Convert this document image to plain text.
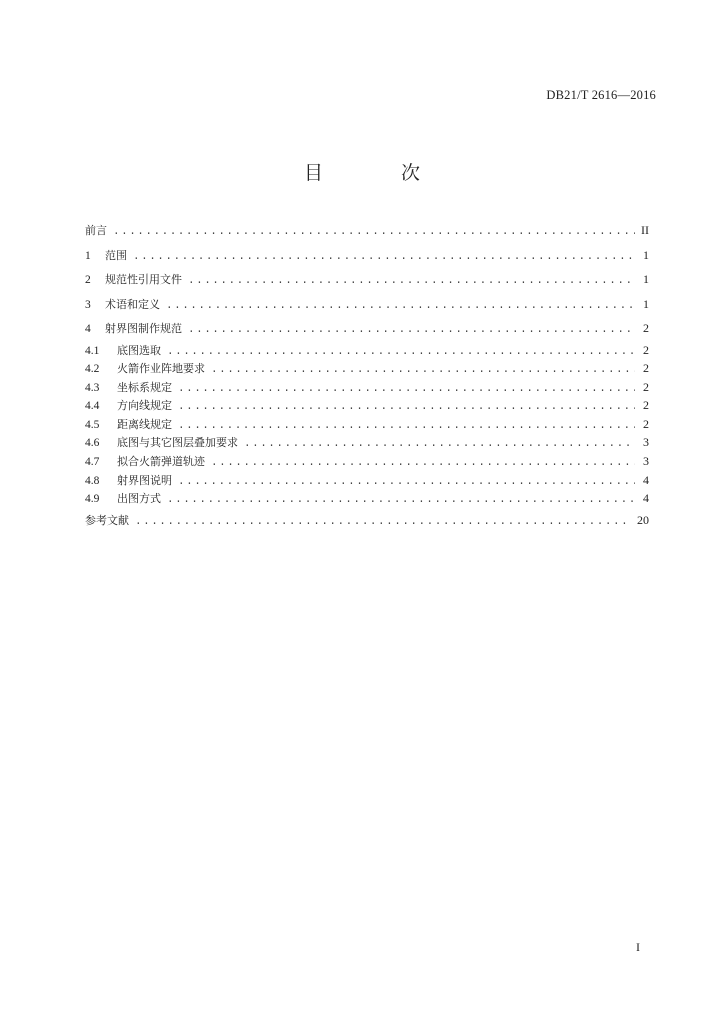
DB21/T 2616—2016
目 次
前言 .....	II
1	范围 .....	1
2	规范性引用文件 .....	1
3	术语和定义 .....	1
4	射界图制作规范 .....	2
4.1	底图选取 .....	2
4.2	火箭作业阵地要求 .....	2
4.3	坐标系规定 .....	2
4.4	方向线规定 .....	2
4.5	距离线规定 .....	2
4.6	底图与其它图层叠加要求 .....	3
4.7	拟合火箭弹道轨迹 .....	3
4.8	射界图说明 .....	4
4.9	出图方式 .....	4
参考文献 .....	20
I
